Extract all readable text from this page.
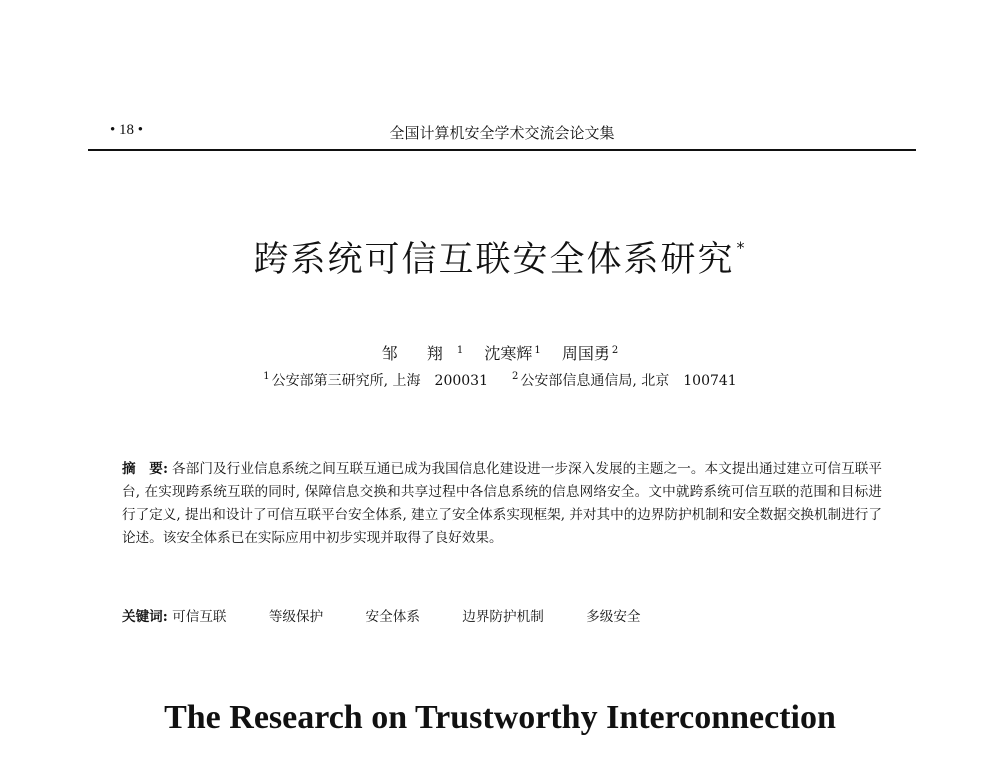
• 18 •	全国计算机安全学术交流会论文集
跨系统可信互联安全体系研究 *
邹 翔 $^1$ 沈寒辉 $^1$ 周国勇 $^2$
$^1$ 公安部第三研究所, 上海　200031 $^2$ 公安部信息通信局, 北京　100741
摘　要: 各部门及行业信息系统之间互联互通已成为我国信息化建设进一步深入发展的主题之一。本文提出通过建立可信互联平台, 在实现跨系统互联的同时, 保障信息交换和共享过程中各信息系统的信息网络安全。文中就跨系统可信互联的范围和目标进行了定义, 提出和设计了可信互联平台安全体系, 建立了安全体系实现框架, 并对其中的边界防护机制和安全数据交换机制进行了论述。该安全体系已在实际应用中初步实现并取得了良好效果。
关键词: 可信互联	等级保护	安全体系	边界防护机制	多级安全
The Research on Trustworthy Interconnection
